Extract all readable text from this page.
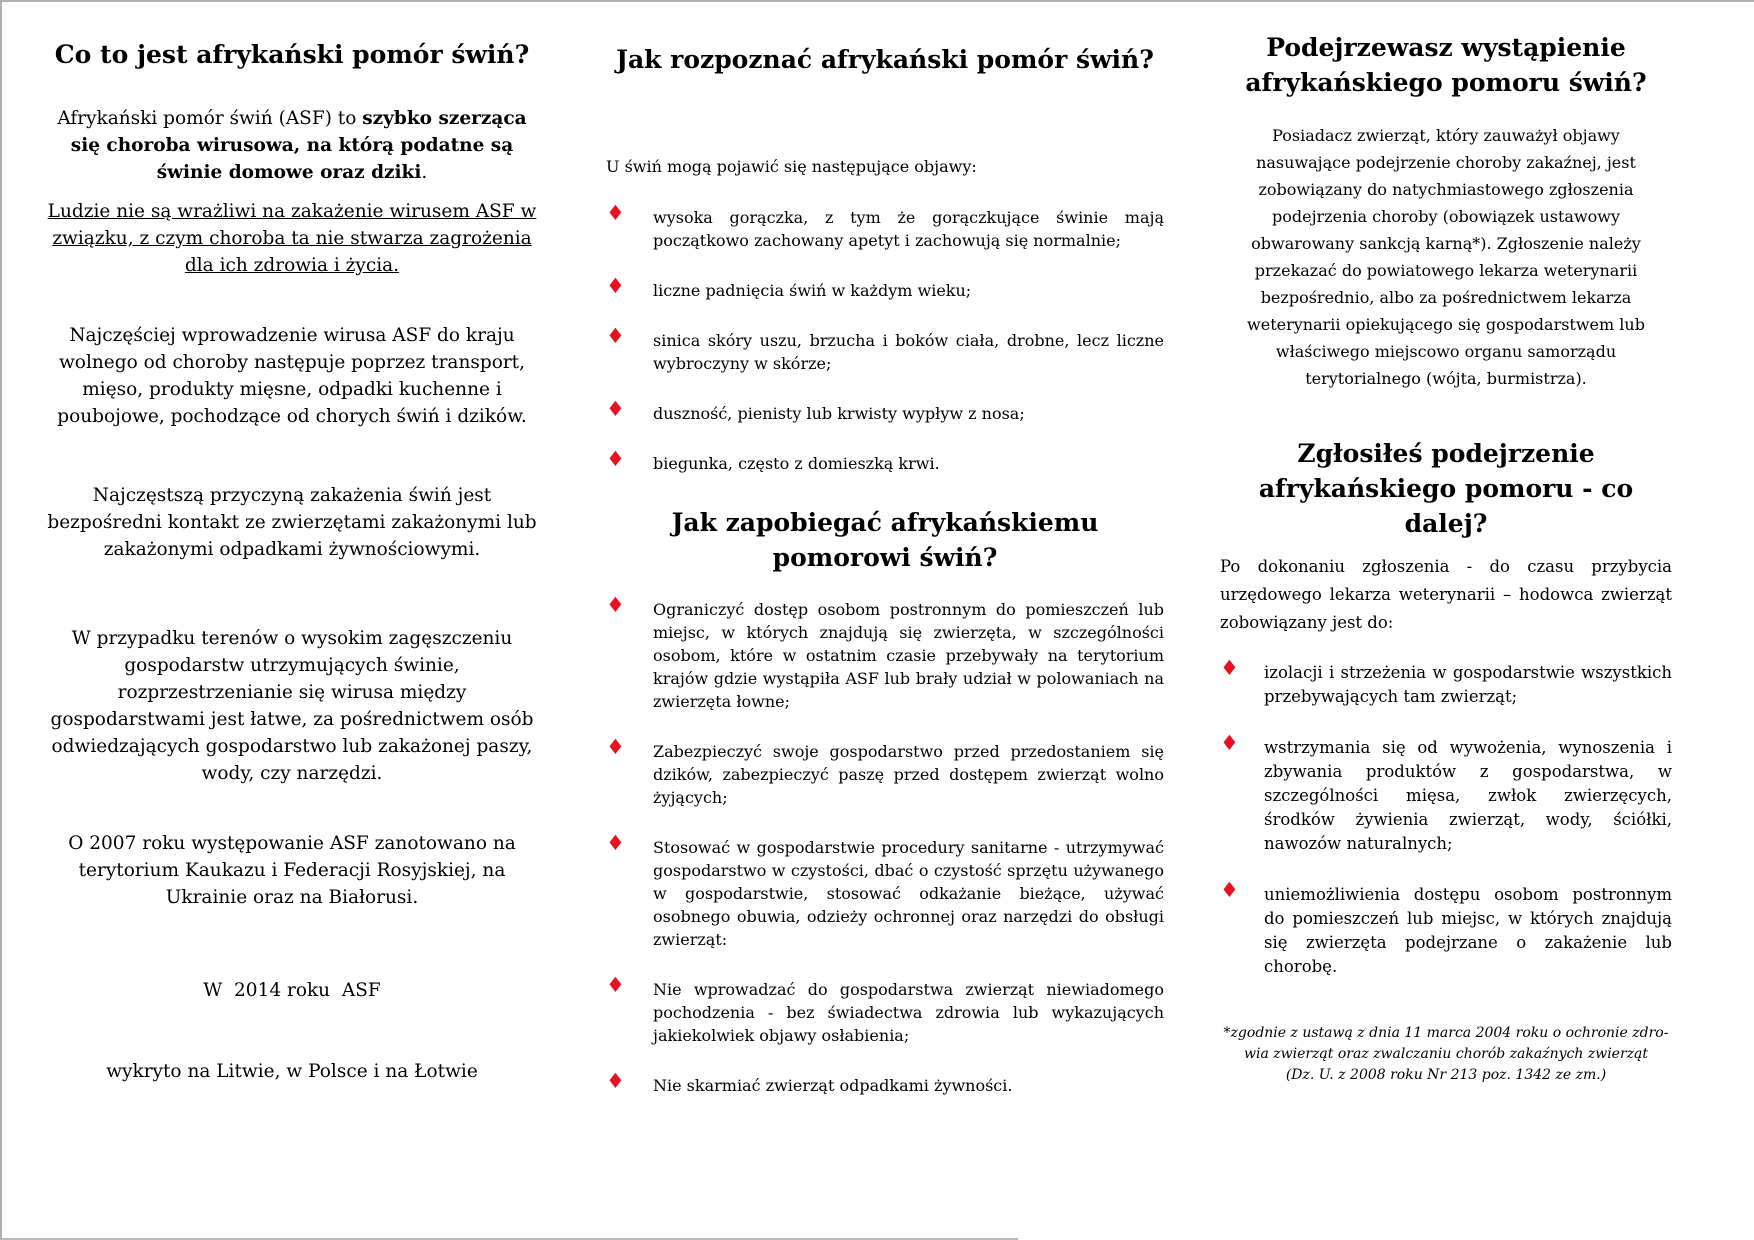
Co to jest afrykański pomór świń?

Afrykański pomór świń (ASF) to szybko szerząca się choroba wirusowa, na którą podatne są świnie domowe oraz dziki.

Ludzie nie są wrażliwi na zakażenie wirusem ASF w związku, z czym choroba ta nie stwarza zagrożenia dla ich zdrowia i życia.

Najczęściej wprowadzenie wirusa ASF do kraju wolnego od choroby następuje poprzez transport, mięso, produkty mięsne, odpadki kuchenne i poubojowe, pochodzące od chorych świń i dzików.

Najczęstszą przyczyną zakażenia świń jest bezpośredni kontakt ze zwierzętami zakażonymi lub zakażonymi odpadkami żywnościowymi.

W przypadku terenów o wysokim zagęszczeniu gospodarstw utrzymujących świnie, rozprzestrzenianie się wirusa między gospodarstwami jest łatwe, za pośrednictwem osób odwiedzających gospodarstwo lub zakażonej paszy, wody, czy narzędzi.

O 2007 roku występowanie ASF zanotowano na terytorium Kaukazu i Federacji Rosyjskiej, na Ukrainie oraz na Białorusi.

W  2014 roku  ASF

wykryto na Litwie, w Polsce i na Łotwie

Jak rozpoznać afrykański pomór świń?

U świń mogą pojawić się następujące objawy:

♦ wysoka gorączka, z tym że gorączkujące świnie mają początkowo zachowany apetyt i zachowują się normalnie;
♦ liczne padnięcia świń w każdym wieku;
♦ sinica skóry uszu, brzucha i boków ciała, drobne, lecz liczne wybroczyny w skórze;
♦ duszność, pienisty lub krwisty wypływ z nosa;
♦ biegunka, często z domieszką krwi.
Jak zapobiegać afrykańskiemu pomorowi świń?
♦ Ograniczyć dostęp osobom postronnym do pomieszczeń lub miejsc, w których znajdują się zwierzęta, w szczególności osobom, które w ostatnim czasie przebywały na terytorium krajów gdzie wystąpiła ASF lub brały udział w polowaniach na zwierzęta łowne;
♦ Zabezpieczyć swoje gospodarstwo przed przedostaniem się dzików, zabezpieczyć paszę przed dostępem zwierząt wolno żyjących;
♦ Stosować w gospodarstwie procedury sanitarne - utrzymywać gospodarstwo w czystości, dbać o czystość sprzętu używanego w gospodarstwie, stosować odkażanie bieżące, używać osobnego obuwia, odzieży ochronnej oraz narzędzi do obsługi zwierząt:
♦ Nie wprowadzać do gospodarstwa zwierząt niewiadomego pochodzenia - bez świadectwa zdrowia lub wykazujących jakiekolwiek objawy osłabienia;
♦ Nie skarmiać zwierząt odpadkami żywności.
Podejrzewasz wystąpienie afrykańskiego pomoru świń?

Posiadacz zwierząt, który zauważył objawy nasuwające podejrzenie choroby zakaźnej, jest zobowiązany do natychmiastowego zgłoszenia podejrzenia choroby (obowiązek ustawowy obwarowany sankcją karną*). Zgłoszenie należy przekazać do powiatowego lekarza weterynarii bezpośrednio, albo za pośrednictwem lekarza weterynarii opiekującego się gospodarstwem lub właściwego miejscowo organu samorządu terytorialnego (wójta, burmistrza).

Zgłosiłeś podejrzenie afrykańskiego pomoru - co dalej?

Po dokonaniu zgłoszenia - do czasu przybycia urzędowego lekarza weterynarii – hodowca zwierząt zobowiązany jest do:

♦ izolacji i strzeżenia w gospodarstwie wszystkich przebywających tam zwierząt;
♦ wstrzymania się od wywożenia, wynoszenia i zbywania produktów z gospodarstwa, w szczególności mięsa, zwłok zwierzęcych, środków żywienia zwierząt, wody, ściółki, nawozów naturalnych;
♦ uniemożliwienia dostępu osobom postronnym do pomieszczeń lub miejsc, w których znajdują się zwierzęta podejrzane o zakażenie lub chorobę.
*zgodnie z ustawą z dnia 11 marca 2004 roku o ochronie zdro-
wia zwierząt oraz zwalczaniu chorób zakaźnych zwierząt
(Dz. U. z 2008 roku Nr 213 poz. 1342 ze zm.)
